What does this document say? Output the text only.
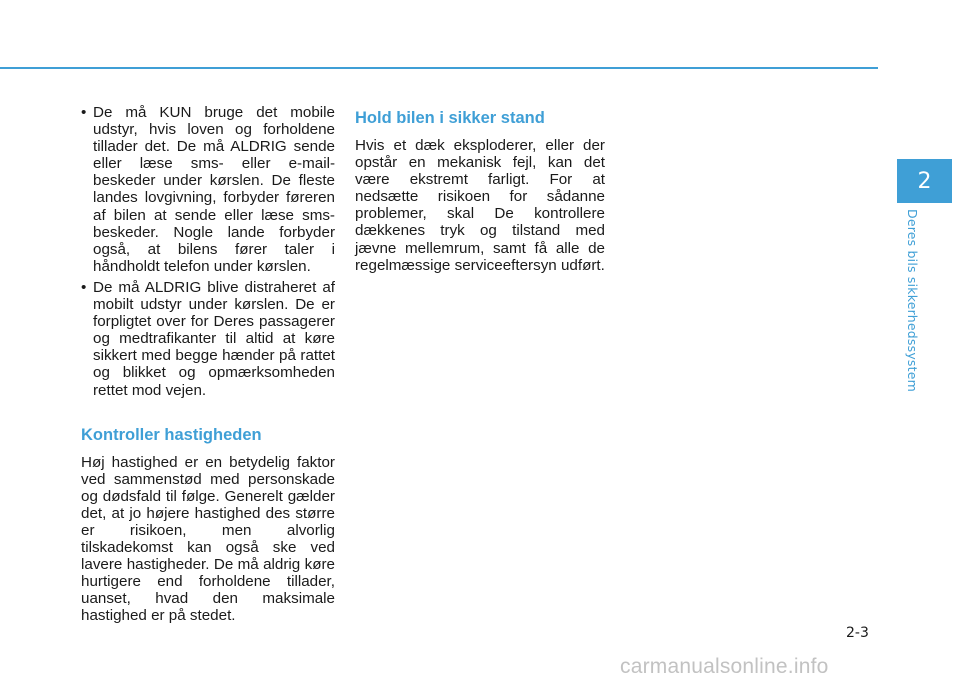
• De må KUN bruge det mobile udstyr, hvis loven og forholdene tillader det. De må ALDRIG sende eller læse sms- eller e-mail-beskeder under kørslen. De fleste landes lovgivning, forbyder føreren af bilen at sende eller læse sms-beskeder. Nogle lande forbyder også, at bilens fører taler i håndholdt telefon under kørslen.
• De må ALDRIG blive distraheret af mobilt udstyr under kørslen. De er forpligtet over for Deres passagerer og medtrafikanter til altid at køre sikkert med begge hænder på rattet og blikket og opmærksomheden rettet mod vejen.
Kontroller hastigheden

Høj hastighed er en betydelig faktor ved sammenstød med personskade og dødsfald til følge. Generelt gælder det, at jo højere hastighed des større er risikoen, men alvorlig tilskadekomst kan også ske ved lavere hastigheder. De må aldrig køre hurtigere end forholdene tillader, uanset, hvad den maksimale hastighed er på stedet.

Hold bilen i sikker stand

Hvis et dæk eksploderer, eller der opstår en mekanisk fejl, kan det være ekstremt farligt. For at nedsætte risikoen for sådanne problemer, skal De kontrollere dækkenes tryk og tilstand med jævne mellemrum, samt få alle de regelmæssige serviceeftersyn udført.

2
Deres bils sikkerhedssystem
2-3
carmanualsonline.info
